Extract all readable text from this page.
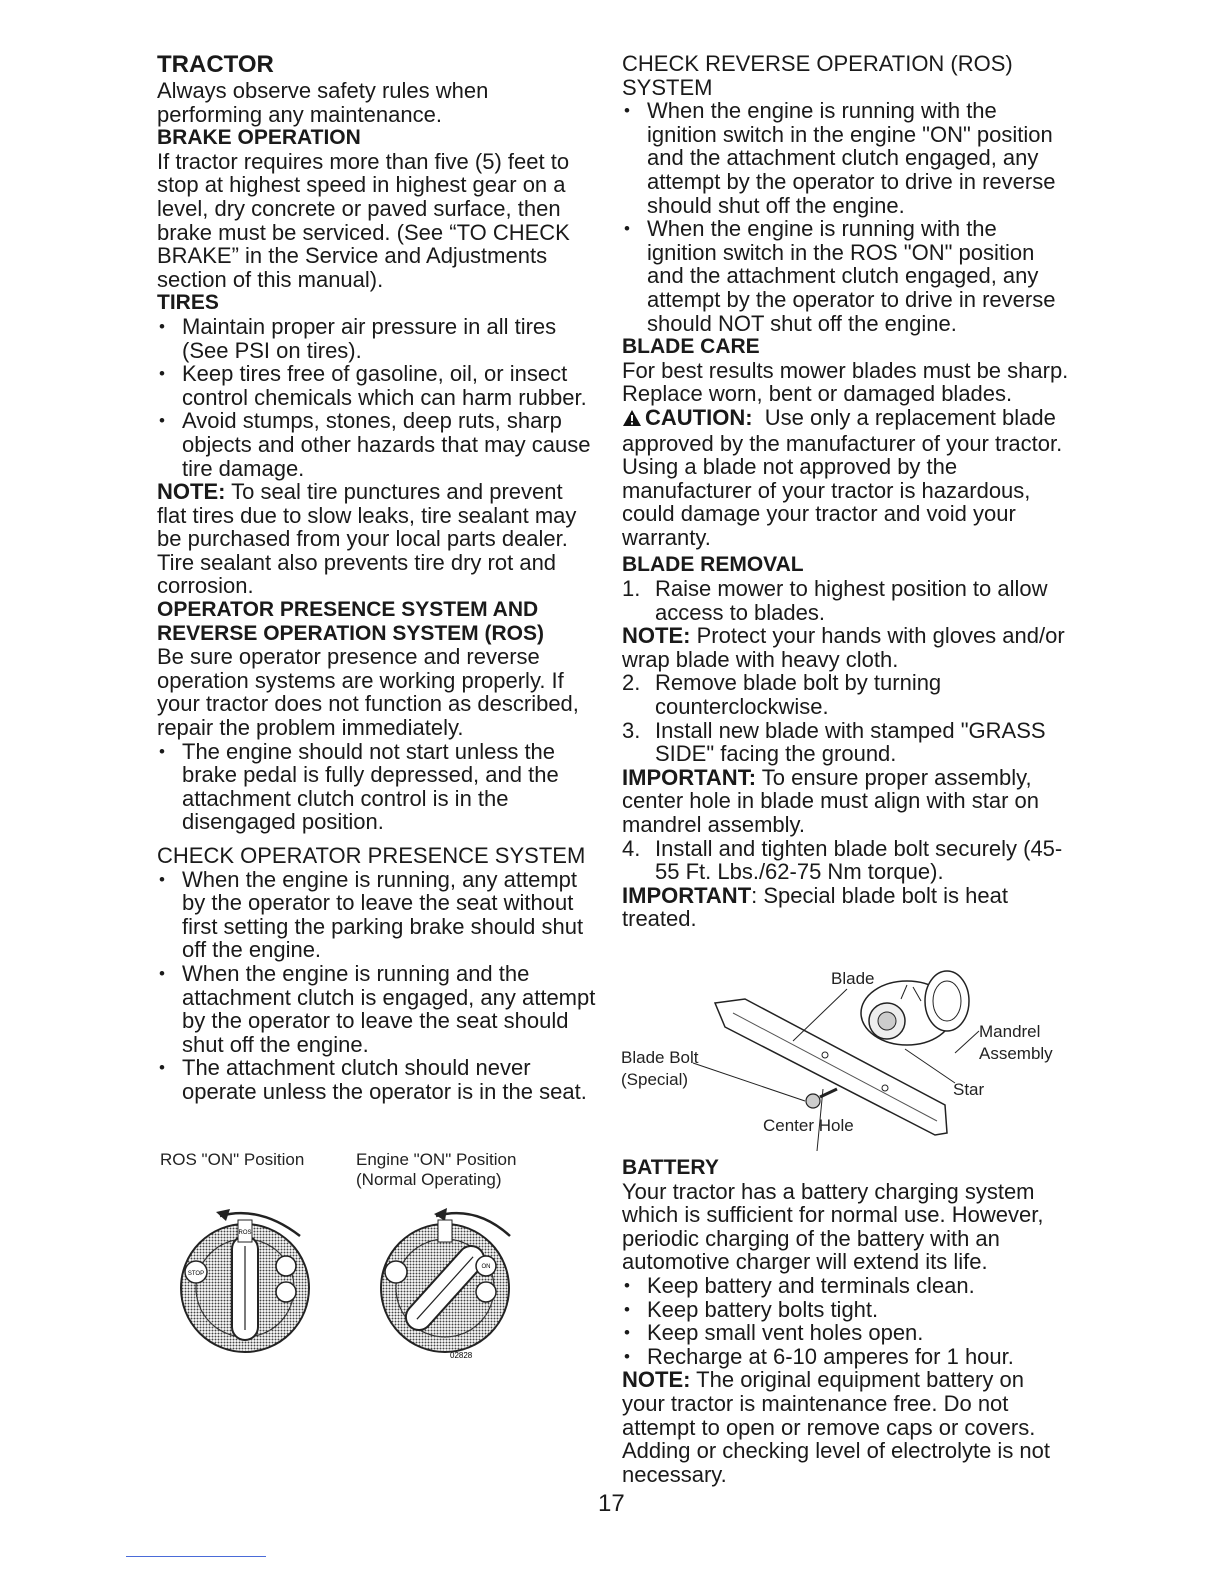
TRACTOR

Always observe safety rules when performing any maintenance.

BRAKE OPERATION

If tractor requires more than five (5) feet to stop at highest speed in highest gear on a level, dry concrete or paved surface, then brake must be serviced. (See “TO CHECK BRAKE” in the Service and Adjustments section of this manual).

TIRES
• Maintain proper air pressure in all tires (See PSI on tires).
• Keep tires free of gasoline, oil, or insect control chemicals which can harm rubber.
• Avoid stumps, stones, deep ruts, sharp objects and other hazards that may cause tire damage.

NOTE: To seal tire punctures and prevent flat tires due to slow leaks, tire sealant may be purchased from your local parts dealer. Tire sealant also prevents tire dry rot and corrosion.

OPERATOR PRESENCE SYSTEM AND REVERSE OPERATION SYSTEM (ROS)

Be sure operator presence and reverse operation systems are working properly. If your tractor does not function as described, repair the problem immediately.

• The engine should not start unless the brake pedal is fully depressed, and the attachment clutch control is in the disengaged position.

CHECK OPERATOR PRESENCE SYSTEM

• When the engine is running, any attempt by the operator to leave the seat without first setting the parking brake should shut off the engine.
• When the engine is running and the attachment clutch is engaged, any attempt by the operator to leave the seat should shut off the engine.
• The attachment clutch should never operate unless the operator is in the seat.
ROS "ON" Position	Engine "ON" Position
(Normal Operating)
STOP
ROS
ON
02828

CHECK REVERSE OPERATION (ROS) SYSTEM

• When the engine is running with the ignition switch in the engine "ON" position and the attachment clutch engaged, any attempt by the operator to drive in reverse should shut off the engine.
• When the engine is running with the ignition switch in the ROS "ON" position and the attachment clutch engaged, any attempt by the operator to drive in reverse should NOT shut off the engine.
BLADE CARE

For best results mower blades must be sharp. Replace worn, bent or damaged blades.

CAUTION: Use only a replacement blade approved by the manufacturer of your tractor. Using a blade not approved by the manufacturer of your tractor is hazardous, could damage your tractor and void your warranty.

BLADE REMOVAL
1. Raise mower to highest position to allow access to blades.

NOTE: Protect your hands with gloves and/or wrap blade with heavy cloth.

2. Remove blade bolt by turning counterclockwise.
3. Install new blade with stamped "GRASS SIDE" facing the ground.

IMPORTANT: To ensure proper assembly, center hole in blade must align with star on mandrel assembly.

4. Install and tighten blade bolt securely (45-55 Ft. Lbs./62-75 Nm torque).

IMPORTANT: Special blade bolt is heat treated.

Blade
Mandrel
Assembly
Blade Bolt
(Special)
Star
Center Hole
BATTERY

Your tractor has a battery charging system which is sufficient for normal use. However, periodic charging of the battery with an automotive charger will extend its life.

• Keep battery and terminals clean.
• Keep battery bolts tight.
• Keep small vent holes open.
• Recharge at 6-10 amperes for 1 hour.

NOTE: The original equipment battery on your tractor is maintenance free. Do not attempt to open or remove caps or covers. Adding or checking level of electrolyte is not necessary.

17
